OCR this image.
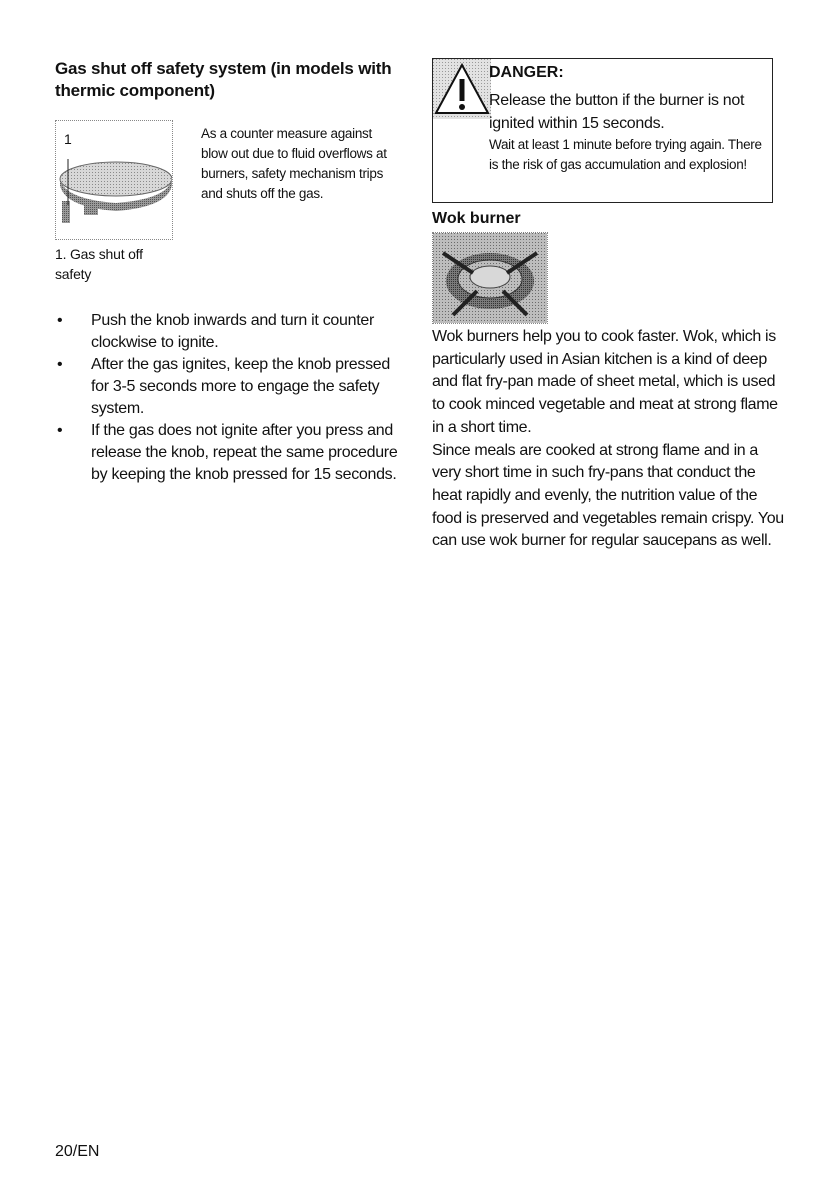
Gas shut off safety system (in models with thermic component)
1	As a counter measure against blow out due to fluid overflows at burners, safety mechanism trips and shuts off the gas.
1. Gas shut off safety
• Push the knob inwards and turn it counter clockwise to ignite.
• After the gas ignites, keep the knob pressed for 3-5 seconds more to engage the safety system.
• If the gas does not ignite after you press and release the knob, repeat the same procedure by keeping the knob pressed for 15 seconds.
DANGER:
Release the button if the burner is not ignited within 15 seconds.
Wait at least 1 minute before trying again. There is the risk of gas accumulation and explosion!
Wok burner
Wok burners help you to cook faster. Wok, which is particularly used in Asian kitchen is a kind of deep and flat fry-pan made of sheet metal, which is used to cook minced vegetable and meat at strong flame in a short time.
Since meals are cooked at strong flame and in a very short time in such fry-pans that conduct the heat rapidly and evenly, the nutrition value of the food is preserved and vegetables remain crispy. You can use wok burner for regular saucepans as well.
20/EN
